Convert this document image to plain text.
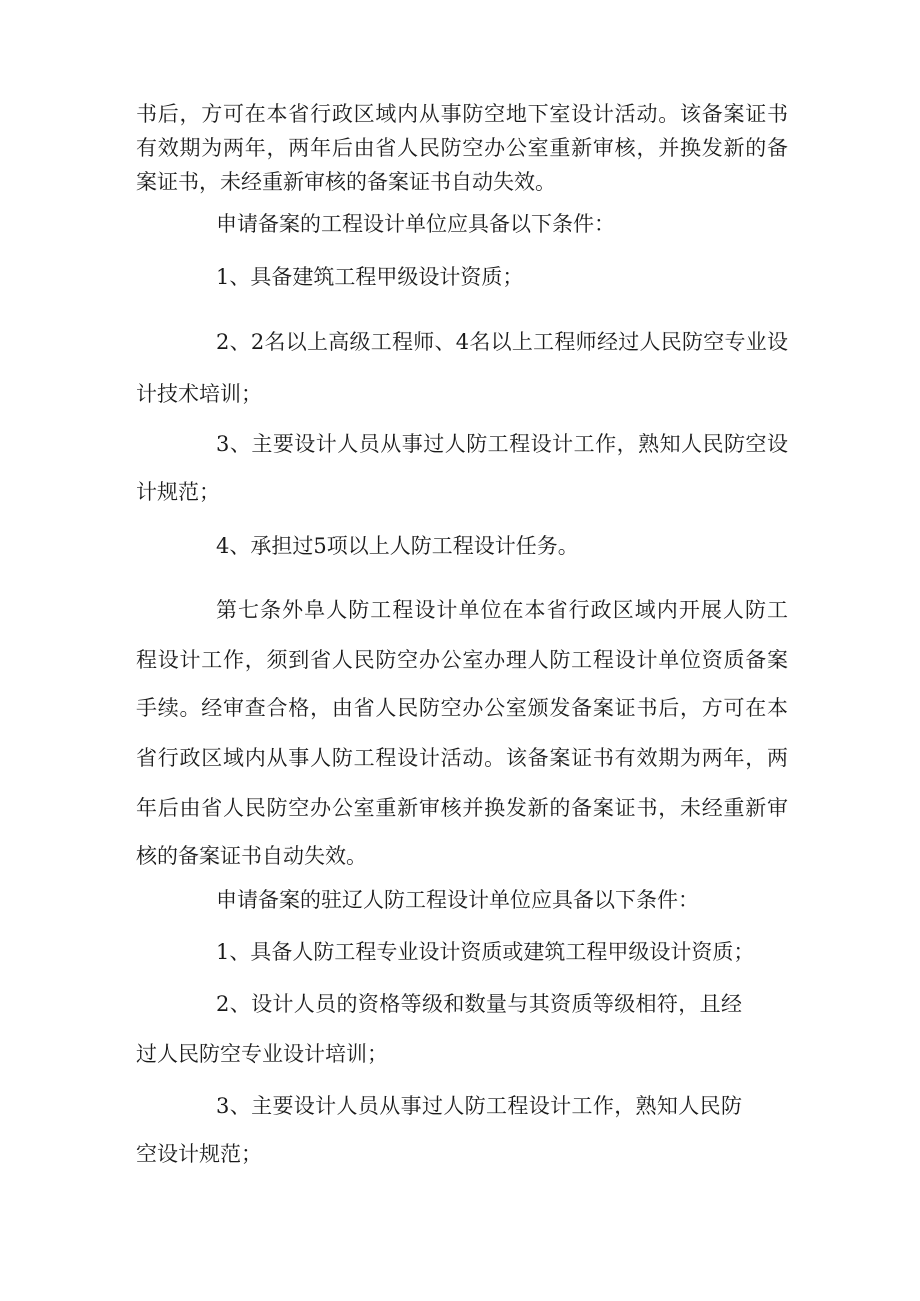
书后，方可在本省行政区域内从事防空地下室设计活动。该备案证书
有效期为两年，两年后由省人民防空办公室重新审核，并换发新的备
案证书，未经重新审核的备案证书自动失效。
申请备案的工程设计单位应具备以下条件：
1、具备建筑工程甲级设计资质；
2、2名以上高级工程师、4名以上工程师经过人民防空专业设
计技术培训；
3、主要设计人员从事过人防工程设计工作，熟知人民防空设
计规范；
4、承担过5项以上人防工程设计任务。
第七条外阜人防工程设计单位在本省行政区域内开展人防工
程设计工作，须到省人民防空办公室办理人防工程设计单位资质备案
手续。经审查合格，由省人民防空办公室颁发备案证书后，方可在本
省行政区域内从事人防工程设计活动。该备案证书有效期为两年，两
年后由省人民防空办公室重新审核并换发新的备案证书，未经重新审
核的备案证书自动失效。
申请备案的驻辽人防工程设计单位应具备以下条件：
1、具备人防工程专业设计资质或建筑工程甲级设计资质；
2、设计人员的资格等级和数量与其资质等级相符，且经
过人民防空专业设计培训；
3、主要设计人员从事过人防工程设计工作，熟知人民防
空设计规范；
